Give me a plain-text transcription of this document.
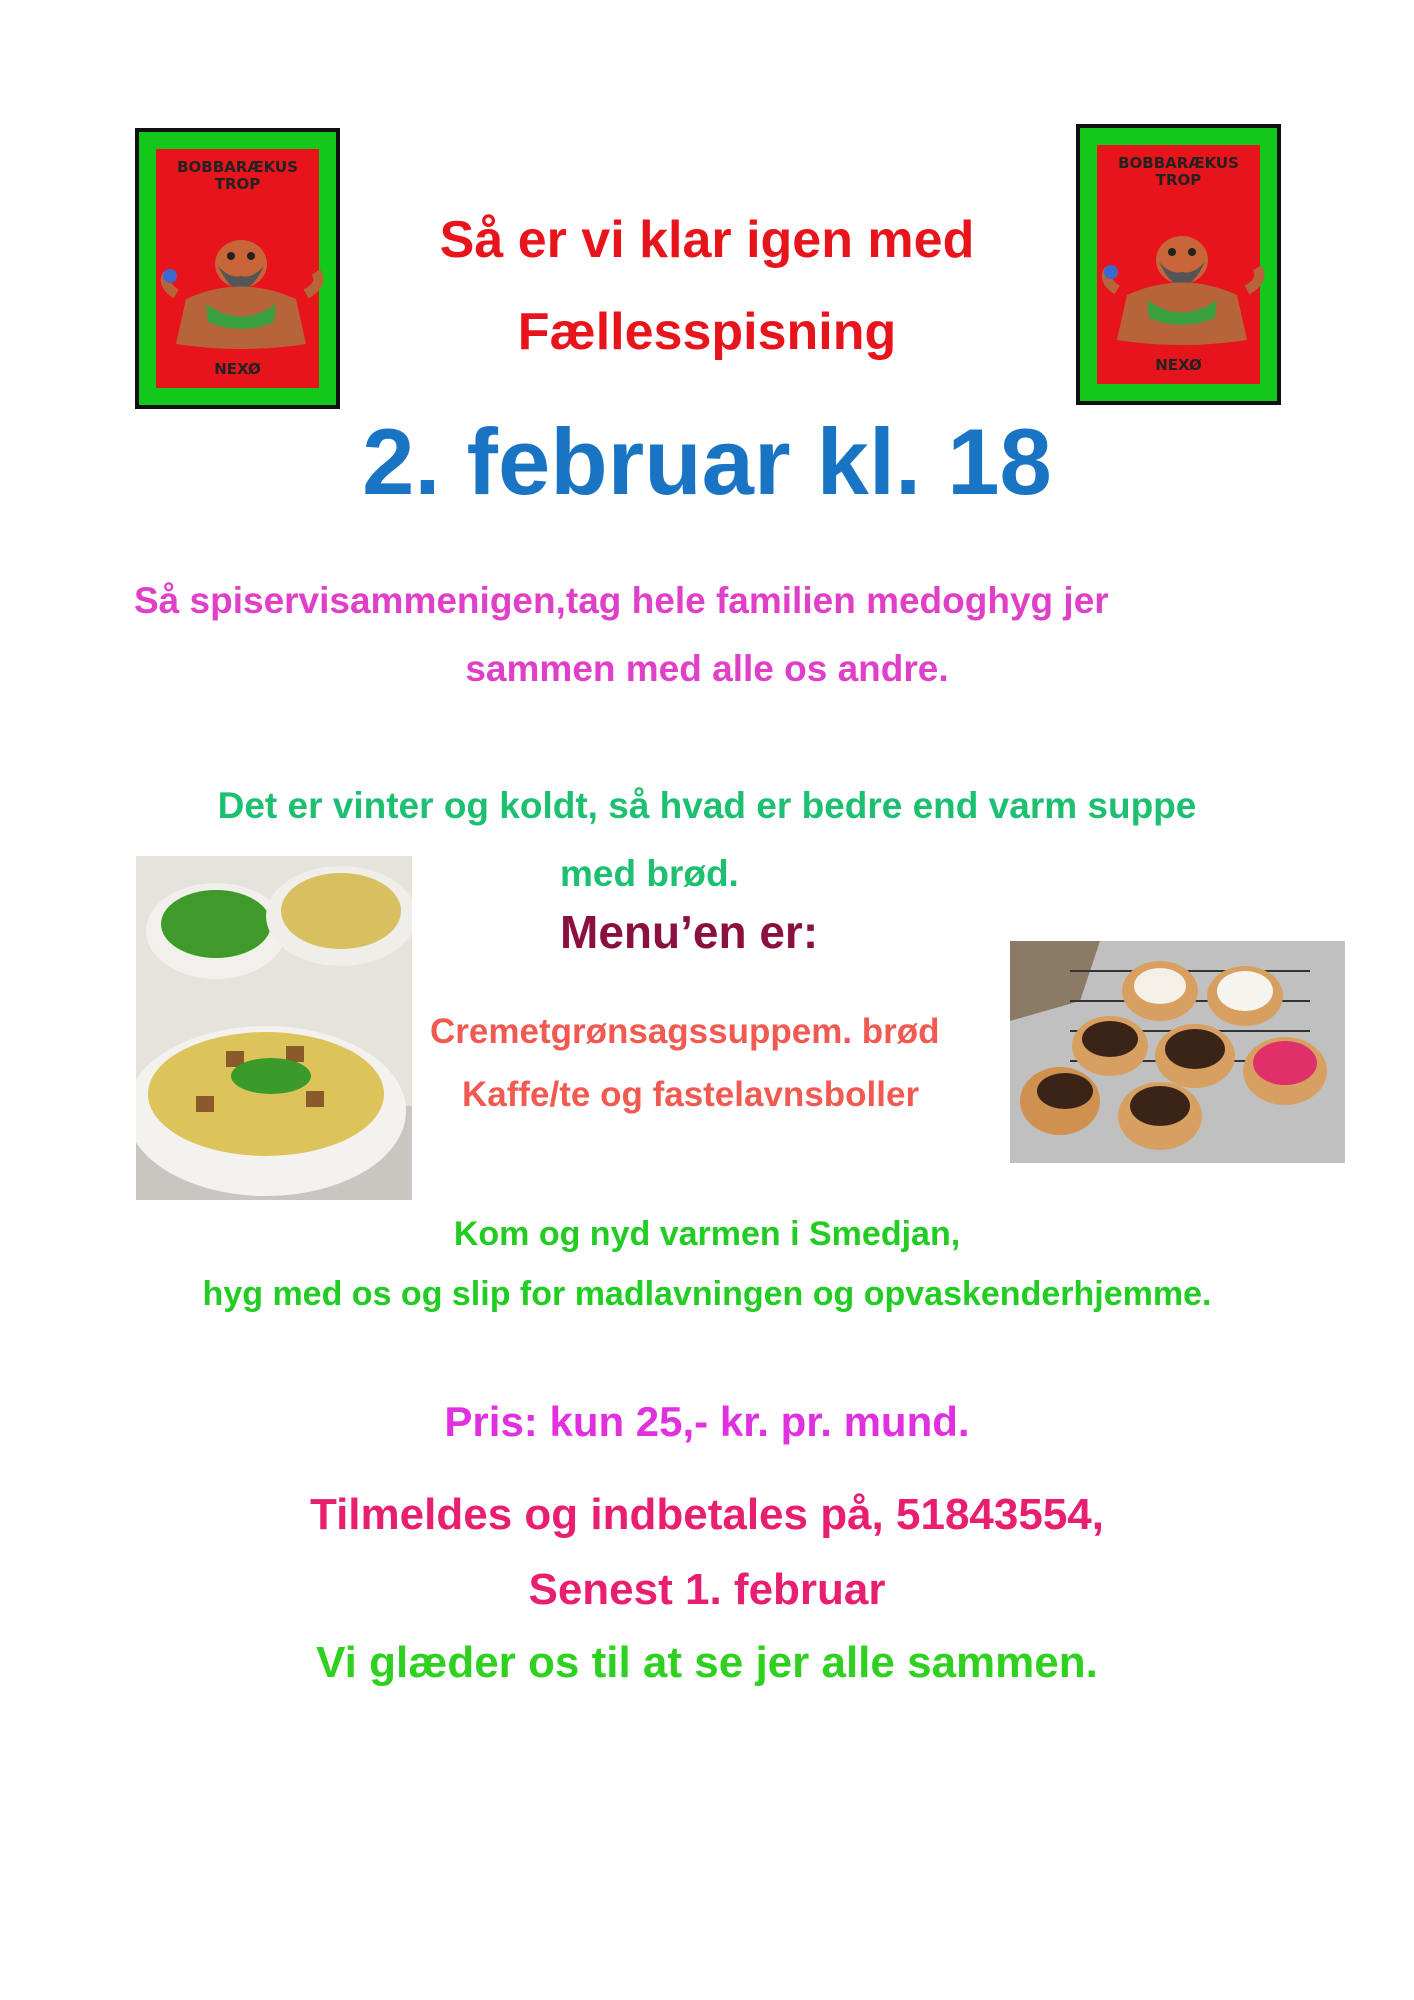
BOBBARÆKUS
TROP
NEXØ
BOBBARÆKUS
TROP
NEXØ
Så er vi klar igen med
Fællesspisning
2. februar kl. 18
Så spiservisammenigen,tag hele familien medoghyg jer
sammen med alle os andre.
Det er vinter og koldt, så hvad er bedre end varm suppe
med brød.
Menu’en er:
Cremetgrønsagssuppem. brød
Kaffe/te og fastelavnsboller
Kom og nyd varmen i Smedjan,
hyg med os og slip for madlavningen og opvaskenderhjemme.
Pris: kun 25,- kr. pr. mund.
Tilmeldes og indbetales på, 51843554,
Senest 1. februar
Vi glæder os til at se jer alle sammen.
